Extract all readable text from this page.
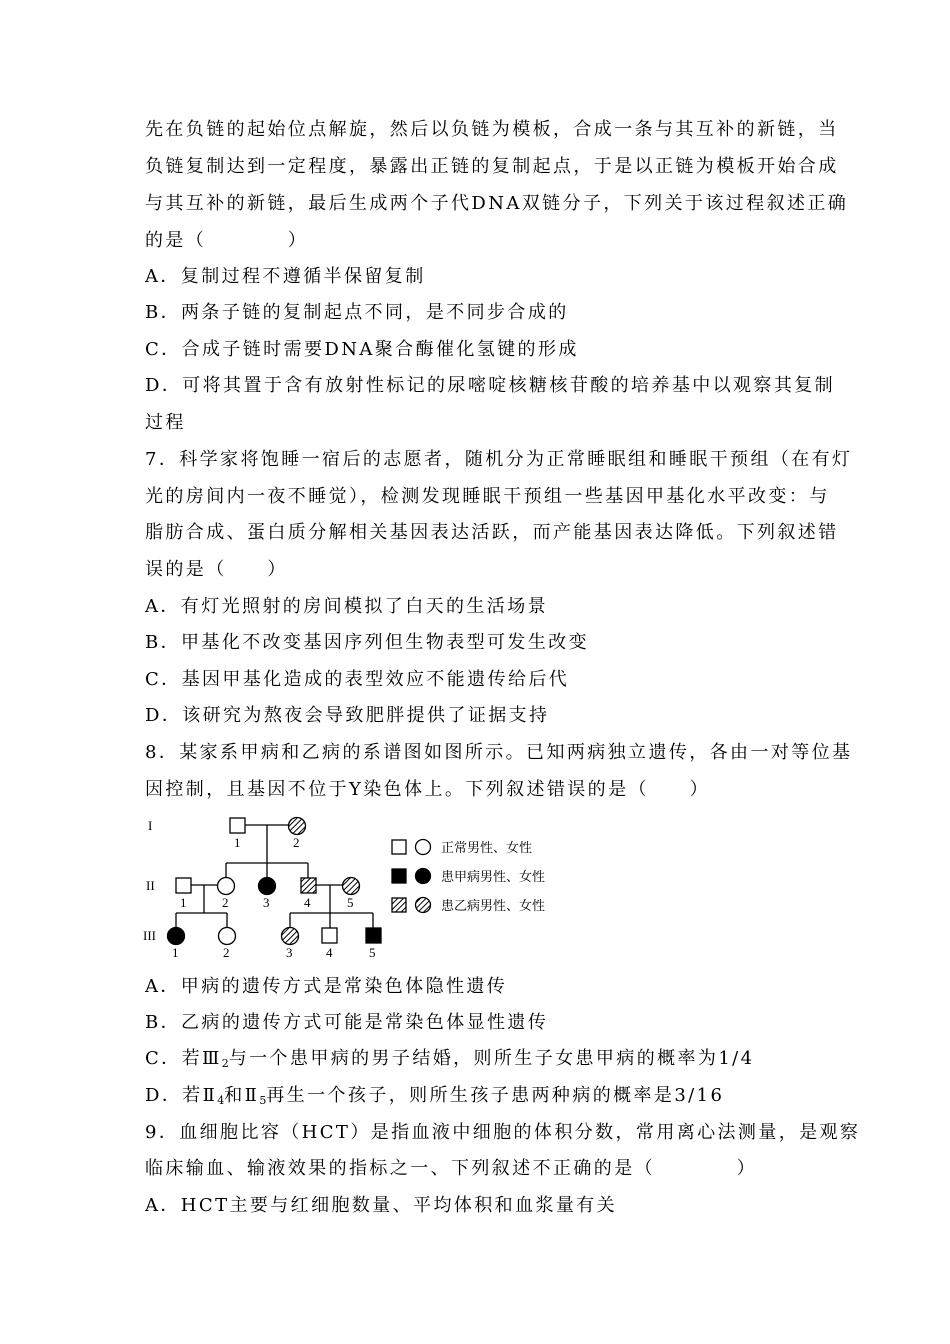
先在负链的起始位点解旋，然后以负链为模板，合成一条与其互补的新链，当
负链复制达到一定程度，暴露出正链的复制起点，于是以正链为模板开始合成
与其互补的新链，最后生成两个子代DNA双链分子，下列关于该过程叙述正确
的是（　　　　）
A．复制过程不遵循半保留复制
B．两条子链的复制起点不同，是不同步合成的
C．合成子链时需要DNA聚合酶催化氢键的形成
D．可将其置于含有放射性标记的尿嘧啶核糖核苷酸的培养基中以观察其复制
过程
7．科学家将饱睡一宿后的志愿者，随机分为正常睡眠组和睡眠干预组（在有灯
光的房间内一夜不睡觉），检测发现睡眠干预组一些基因甲基化水平改变：与
脂肪合成、蛋白质分解相关基因表达活跃，而产能基因表达降低。下列叙述错
误的是（　　）
A．有灯光照射的房间模拟了白天的生活场景
B．甲基化不改变基因序列但生物表型可发生改变
C．基因甲基化造成的表型效应不能遗传给后代
D．该研究为熬夜会导致肥胖提供了证据支持
8．某家系甲病和乙病的系谱图如图所示。已知两病独立遗传，各由一对等位基
因控制，且基因不位于Y染色体上。下列叙述错误的是（　　）
A．甲病的遗传方式是常染色体隐性遗传
B．乙病的遗传方式可能是常染色体显性遗传
C．若$Ⅲ_2$与一个患甲病的男子结婚，则所生子女患甲病的概率为1/4
D．若$Ⅱ_4$和$Ⅱ_5$再生一个孩子，则所生孩子患两种病的概率是3/16
9．血细胞比容（HCT）是指血液中细胞的体积分数，常用离心法测量，是观察
临床输血、输液效果的指标之一、下列叙述不正确的是（　　　　）
A．HCT主要与红细胞数量、平均体积和血浆量有关
I
II
III
1	2
1	2	3	4	5
1	2	3	4	5
正常男性、女性
患甲病男性、女性
患乙病男性、女性
